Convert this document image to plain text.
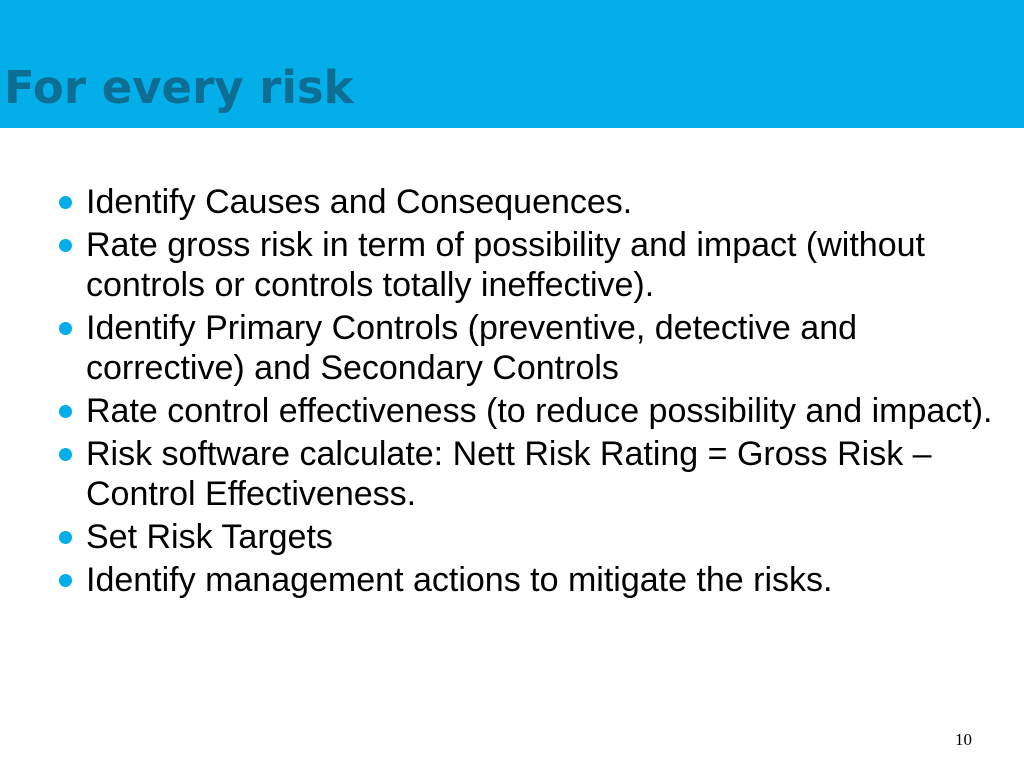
For every risk
Identify Causes and Consequences.
Rate gross risk in term of possibility and impact (without controls or controls totally ineffective).
Identify Primary Controls (preventive, detective and corrective) and Secondary Controls
Rate control effectiveness (to reduce possibility and impact).
Risk software calculate: Nett Risk Rating = Gross Risk – Control Effectiveness.
Set Risk Targets
Identify management actions to mitigate the risks.
10
